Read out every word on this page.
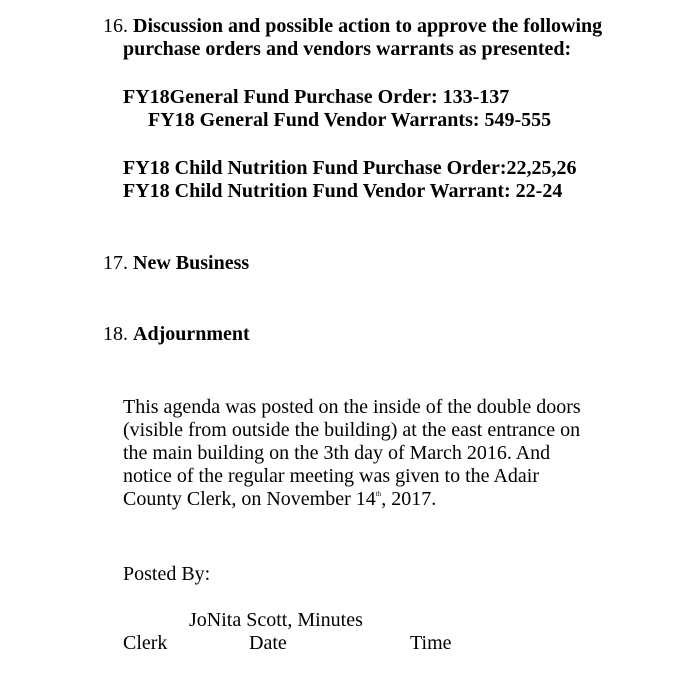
16. Discussion and possible action to approve the following
purchase orders and vendors warrants as presented:
FY18General Fund Purchase Order: 133-137
FY18 General Fund Vendor Warrants: 549-555
FY18 Child Nutrition Fund Purchase Order:22,25,26
FY18 Child Nutrition Fund Vendor Warrant: 22-24
17. New Business
18. Adjournment
This agenda was posted on the inside of the double doors
(visible from outside the building) at the east entrance on
the main building on the 3th day of March 2016. And
notice of the regular meeting was given to the Adair
County Clerk, on November 14th, 2017.
Posted By:
JoNita Scott, Minutes
Clerk	Date	Time
